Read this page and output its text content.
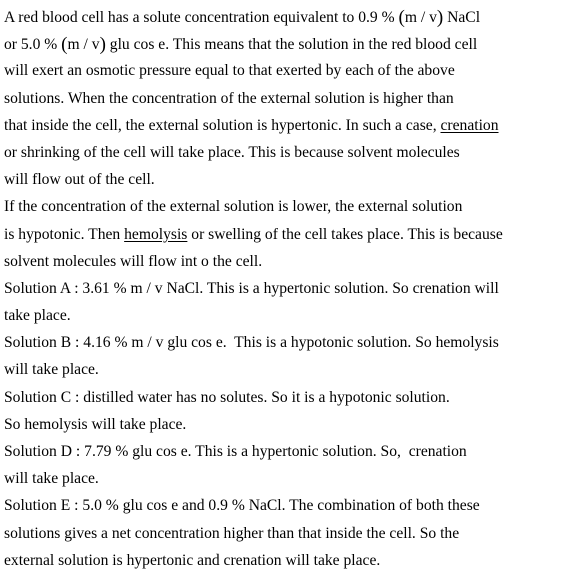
A red blood cell has a solute concentration equivalent to 0.9 % (m / v) NaCl
or 5.0 % (m / v) glu cos e. This means that the solution in the red blood cell
will exert an osmotic pressure equal to that exerted by each of the above
solutions. When the concentration of the external solution is higher than
that inside the cell, the external solution is hypertonic. In such a case, crenation
or shrinking of the cell will take place. This is because solvent molecules
will flow out of the cell.
If the concentration of the external solution is lower, the external solution
is hypotonic. Then hemolysis or swelling of the cell takes place. This is because
solvent molecules will flow int o the cell.
Solution A : 3.61 % m / v NaCl. This is a hypertonic solution. So crenation will
take place.
Solution B : 4.16 % m / v glu cos e.  This is a hypotonic solution. So hemolysis
will take place.
Solution C : distilled water has no solutes. So it is a hypotonic solution.
So hemolysis will take place.
Solution D : 7.79 % glu cos e. This is a hypertonic solution. So,  crenation
will take place.
Solution E : 5.0 % glu cos e and 0.9 % NaCl. The combination of both these
solutions gives a net concentration higher than that inside the cell. So the
external solution is hypertonic and crenation will take place.
